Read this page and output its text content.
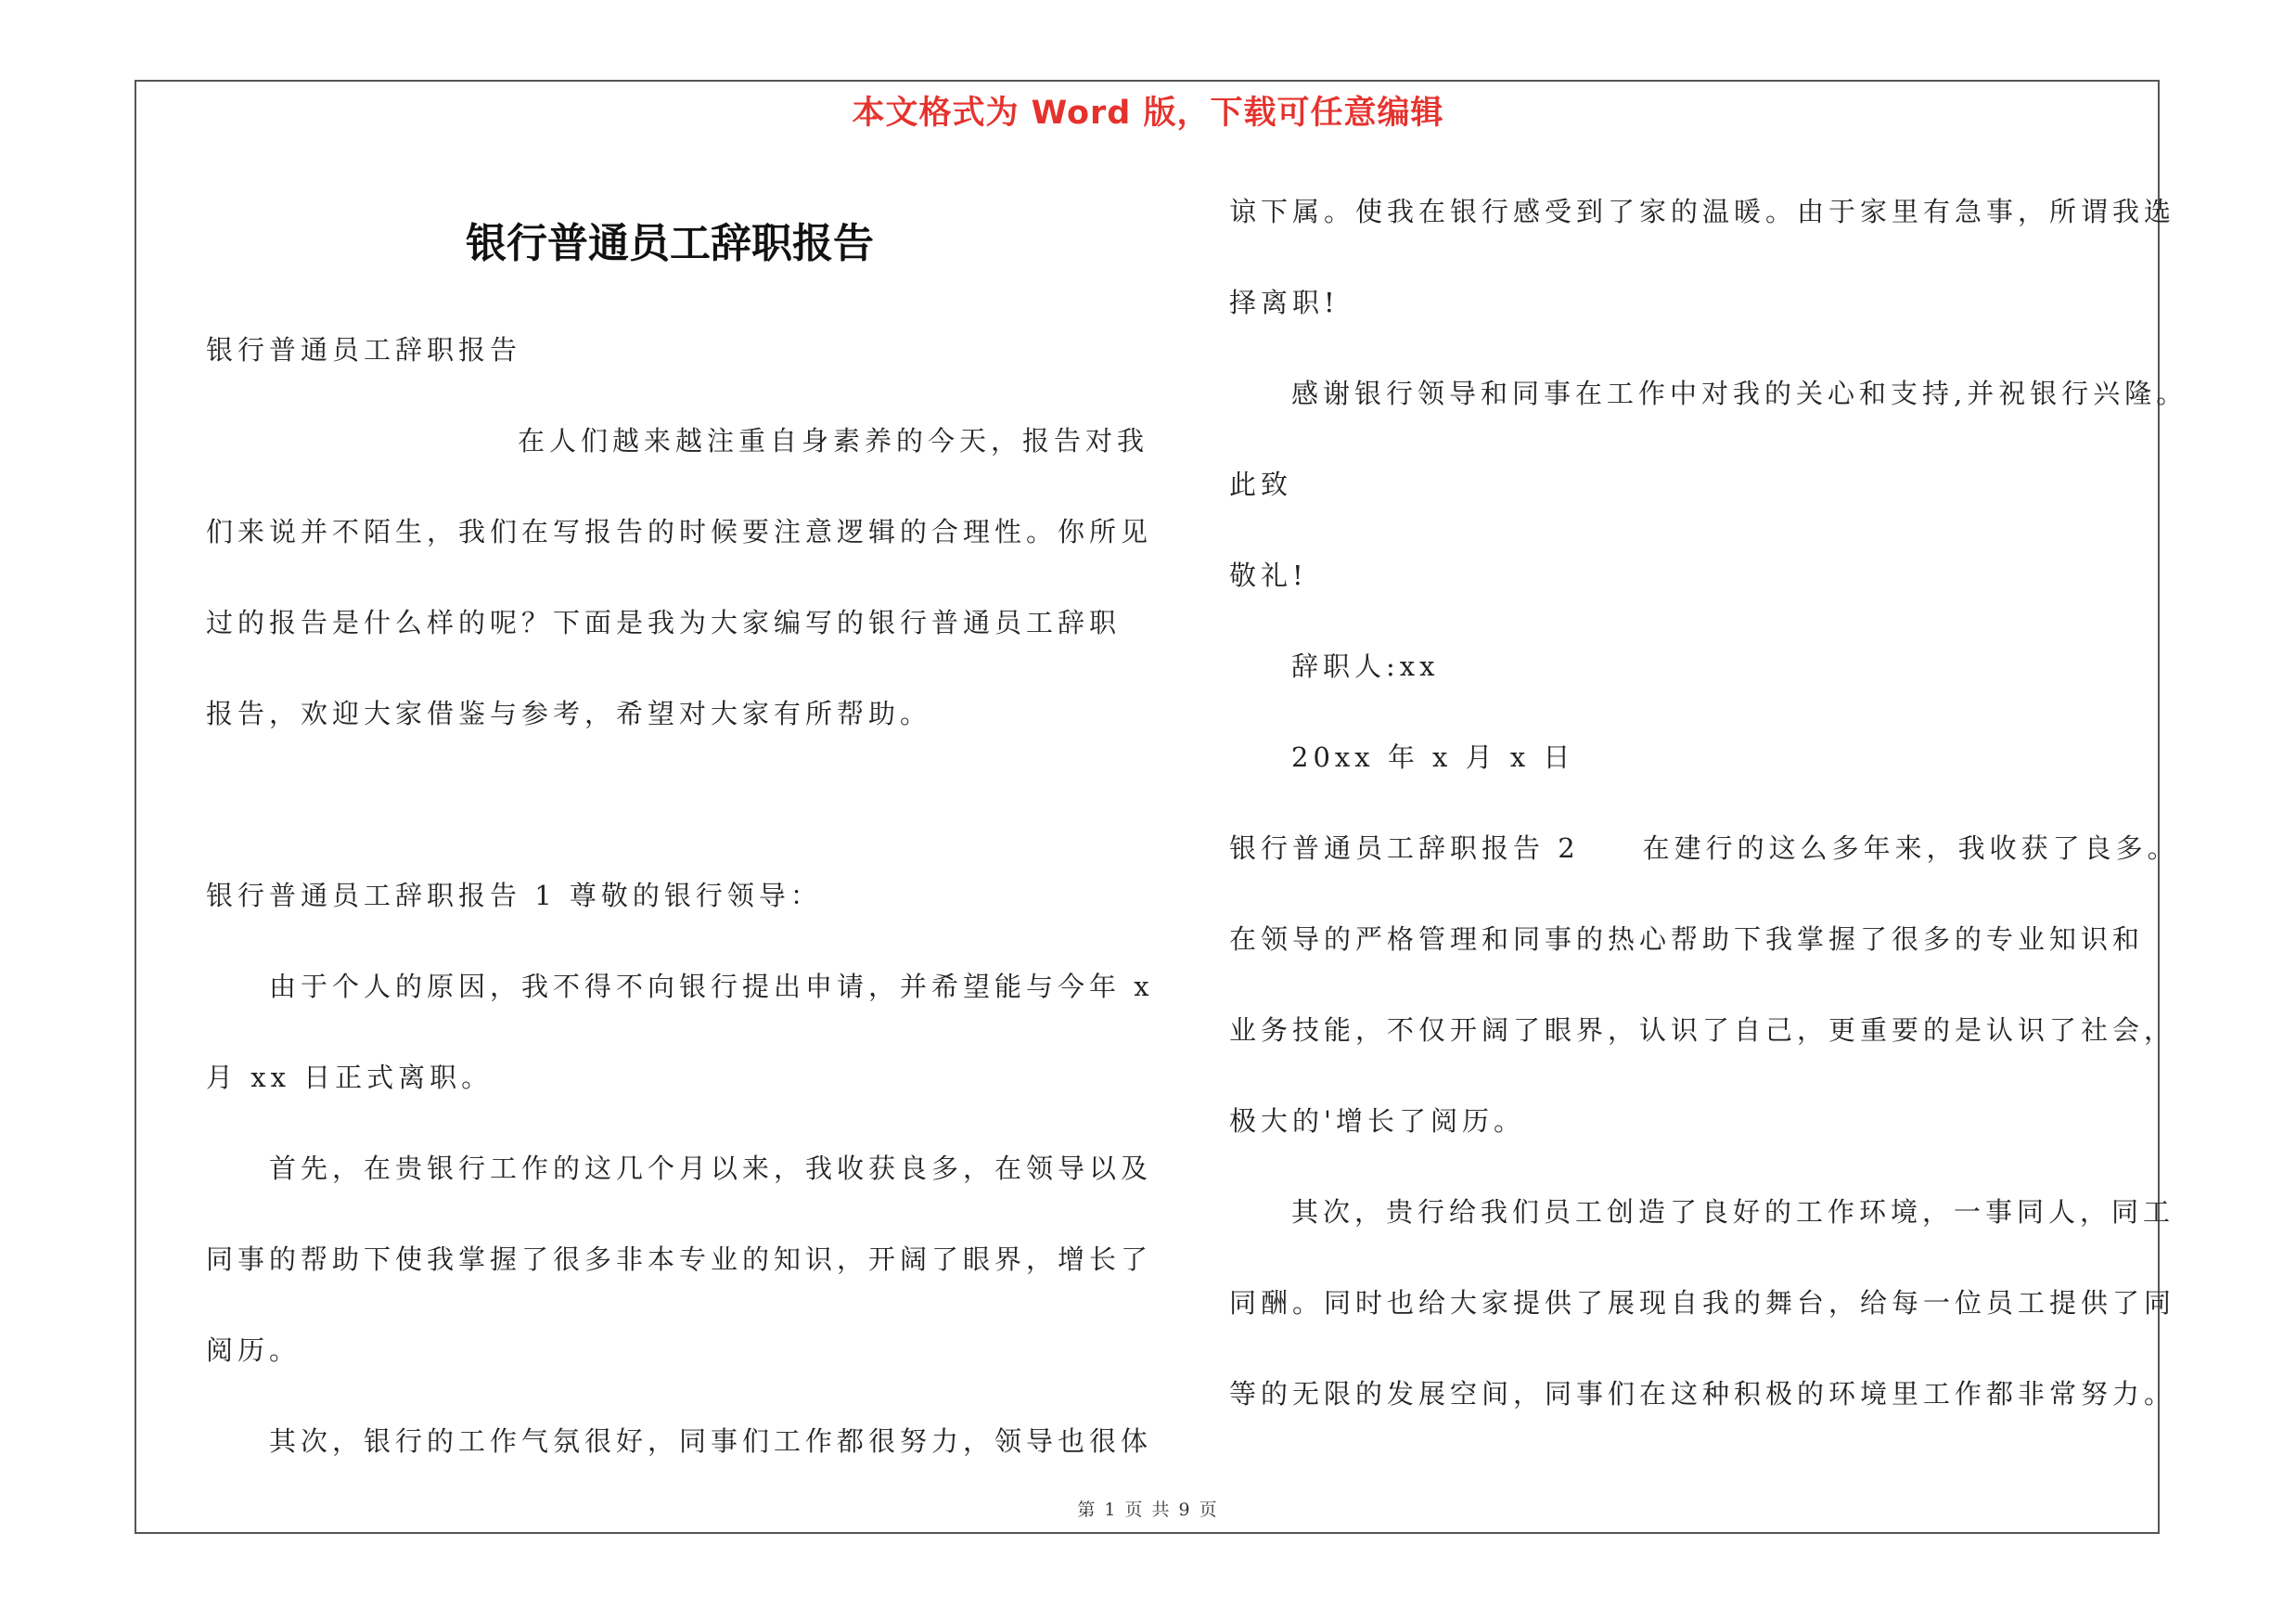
本文格式为 Word 版，下载可任意编辑
银行普通员工辞职报告
银行普通员工辞职报告
在人们越来越注重自身素养的今天，报告对我
们来说并不陌生，我们在写报告的时候要注意逻辑的合理性。你所见
过的报告是什么样的呢？下面是我为大家编写的银行普通员工辞职
报告，欢迎大家借鉴与参考，希望对大家有所帮助。
银行普通员工辞职报告 1 尊敬的银行领导：
由于个人的原因，我不得不向银行提出申请，并希望能与今年 x
月 xx 日正式离职。
首先，在贵银行工作的这几个月以来，我收获良多，在领导以及
同事的帮助下使我掌握了很多非本专业的知识，开阔了眼界，增长了
阅历。
其次，银行的工作气氛很好，同事们工作都很努力，领导也很体
谅下属。使我在银行感受到了家的温暖。由于家里有急事，所谓我选
择离职!
感谢银行领导和同事在工作中对我的关心和支持,并祝银行兴隆。
此致
敬礼!
辞职人:xx
20xx 年 x 月 x 日
银行普通员工辞职报告 2　　在建行的这么多年来，我收获了良多。
在领导的严格管理和同事的热心帮助下我掌握了很多的专业知识和
业务技能，不仅开阔了眼界，认识了自己，更重要的是认识了社会，
极大的'增长了阅历。
其次，贵行给我们员工创造了良好的工作环境，一事同人，同工
同酬。同时也给大家提供了展现自我的舞台，给每一位员工提供了同
等的无限的发展空间，同事们在这种积极的环境里工作都非常努力。
第 1 页 共 9 页
